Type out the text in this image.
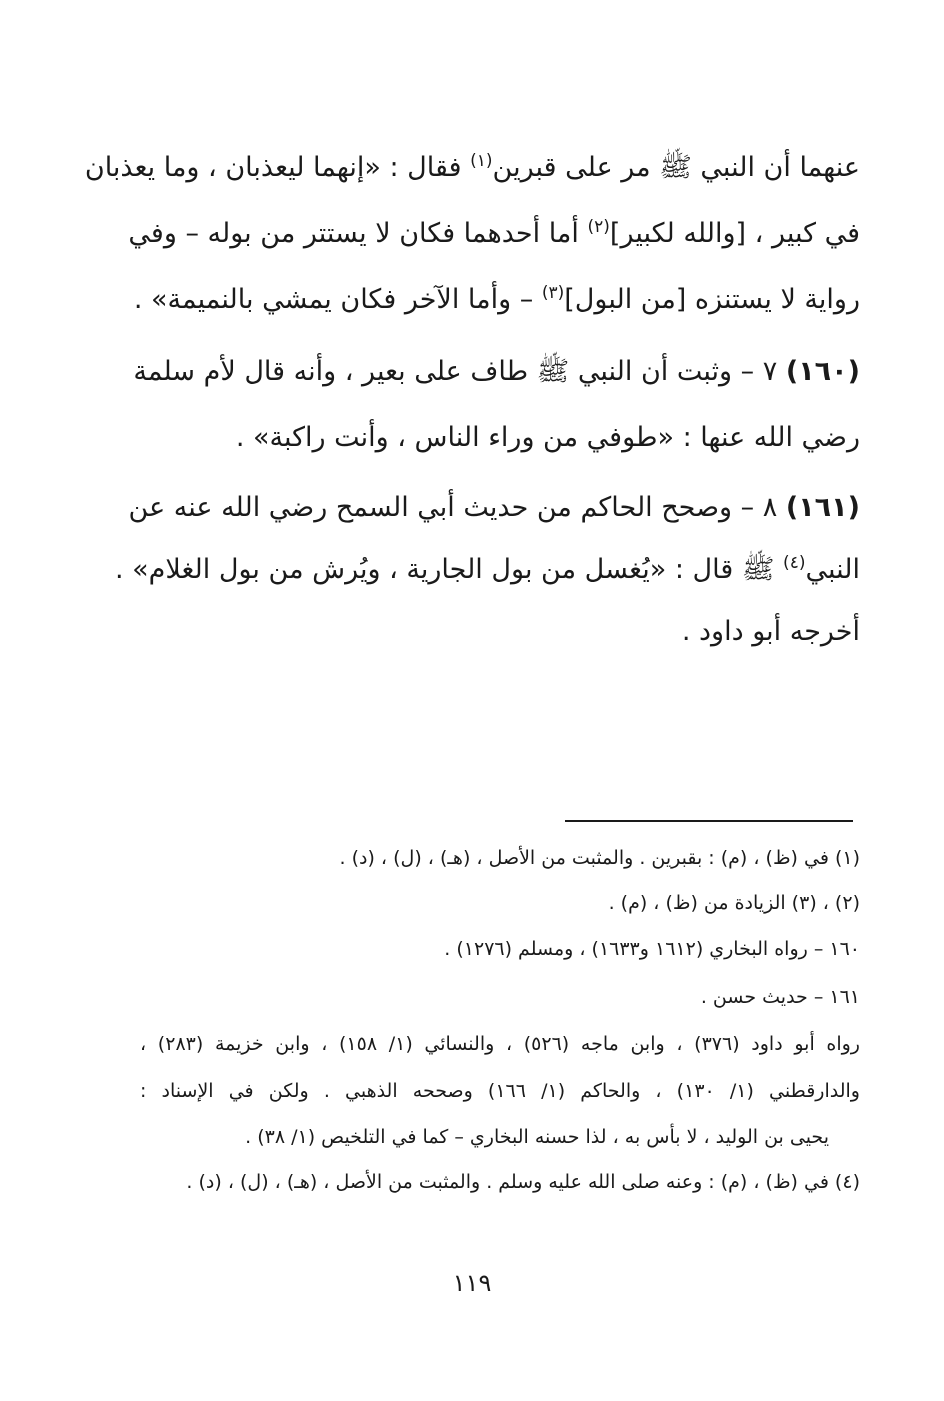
عنهما أن النبي ﷺ مر على قبرين$^{(١)}$ فقال : «إنهما ليعذبان ، وما يعذبان
في كبير ، [والله لكبير]$^{(٢)}$ أما أحدهما فكان لا يستتر من بوله – وفي
رواية لا يستنزه [من البول]$^{(٣)}$ – وأما الآخر فكان يمشي بالنميمة» .
(١٦٠) ٧ – وثبت أن النبي ﷺ طاف على بعير ، وأنه قال لأم سلمة
رضي الله عنها : «طوفي من وراء الناس ، وأنت راكبة» .
(١٦١) ٨ – وصحح الحاكم من حديث أبي السمح رضي الله عنه عن
النبي$^{(٤)}$ ﷺ قال : «يُغسل من بول الجارية ، ويُرش من بول الغلام» .
أخرجه أبو داود .
(١) في (ظ) ، (م) : بقبرين . والمثبت من الأصل ، (هـ) ، (ل) ، (د) .
(٢) ، (٣) الزيادة من (ظ) ، (م) .
١٦٠ – رواه البخاري (١٦١٢ و١٦٣٣) ، ومسلم (١٢٧٦) .
١٦١ – حديث حسن .
رواه أبو داود (٣٧٦) ، وابن ماجه (٥٢٦) ، والنسائي (١/ ١٥٨) ، وابن خزيمة (٢٨٣) ،
والدارقطني (١/ ١٣٠) ، والحاكم (١/ ١٦٦) وصححه الذهبي . ولكن في الإسناد :
يحيى بن الوليد ، لا بأس به ، لذا حسنه البخاري – كما في التلخيص (١/ ٣٨) .
(٤) في (ظ) ، (م) : وعنه صلى الله عليه وسلم . والمثبت من الأصل ، (هـ) ، (ل) ، (د) .
١١٩
